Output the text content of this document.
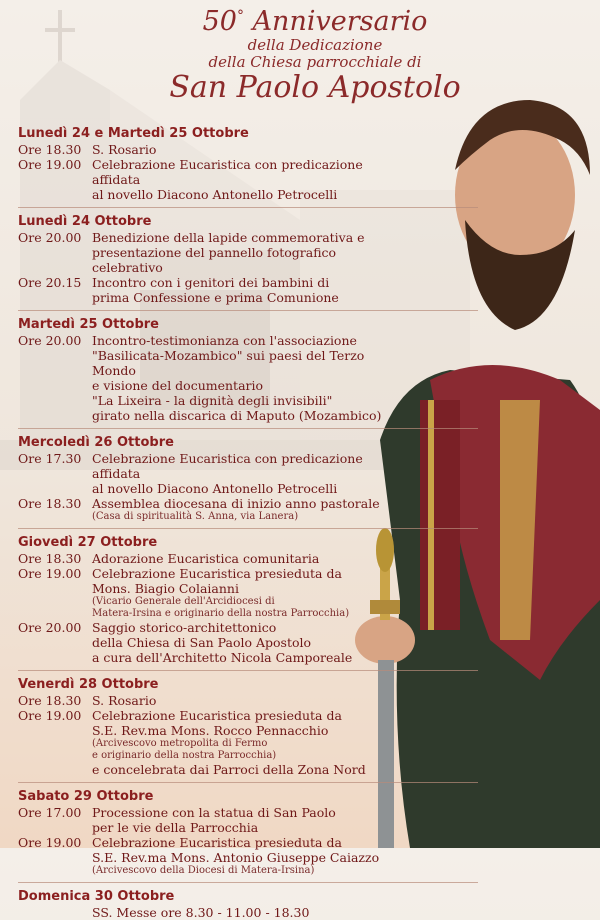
50° Anniversario
della Dedicazione
della Chiesa parrocchiale di
San Paolo Apostolo
Lunedì 24 e Martedì 25 Ottobre
Ore 18.30 S. Rosario
Ore 19.00 Celebrazione Eucaristica con predicazione affidata
al novello Diacono Antonello Petrocelli
Lunedì 24 Ottobre
Ore 20.00 Benedizione della lapide commemorativa e
presentazione del pannello fotografico celebrativo
Ore 20.15 Incontro con i genitori dei bambini di
prima Confessione e prima Comunione
Martedì 25 Ottobre
Ore 20.00 Incontro-testimonianza con l'associazione
"Basilicata-Mozambico" sui paesi del Terzo Mondo
e visione del documentario
"La Lixeira - la dignità degli invisibili"
girato nella discarica di Maputo (Mozambico)
Mercoledì 26 Ottobre
Ore 17.30 Celebrazione Eucaristica con predicazione affidata
al novello Diacono Antonello Petrocelli
Ore 18.30 Assemblea diocesana di inizio anno pastorale
(Casa di spiritualità S. Anna, via Lanera)
Giovedì 27 Ottobre
Ore 18.30 Adorazione Eucaristica comunitaria
Ore 19.00 Celebrazione Eucaristica presieduta da
Mons. Biagio Colaianni
(Vicario Generale dell'Arcidiocesi di
Matera-Irsina e originario della nostra Parrocchia)
Ore 20.00 Saggio storico-architettonico
della Chiesa di San Paolo Apostolo
a cura dell'Architetto Nicola Camporeale
Venerdì 28 Ottobre
Ore 18.30 S. Rosario
Ore 19.00 Celebrazione Eucaristica presieduta da
S.E. Rev.ma Mons. Rocco Pennacchio
(Arcivescovo metropolita di Fermo
e originario della nostra Parrocchia)
e concelebrata dai Parroci della Zona Nord
Sabato 29 Ottobre
Ore 17.00 Processione con la statua di San Paolo
per le vie della Parrocchia
Ore 19.00 Celebrazione Eucaristica presieduta da
S.E. Rev.ma Mons. Antonio Giuseppe Caiazzo
(Arcivescovo della Diocesi di Matera-Irsina)
Domenica 30 Ottobre
SS. Messe ore 8.30 - 11.00 - 18.30
